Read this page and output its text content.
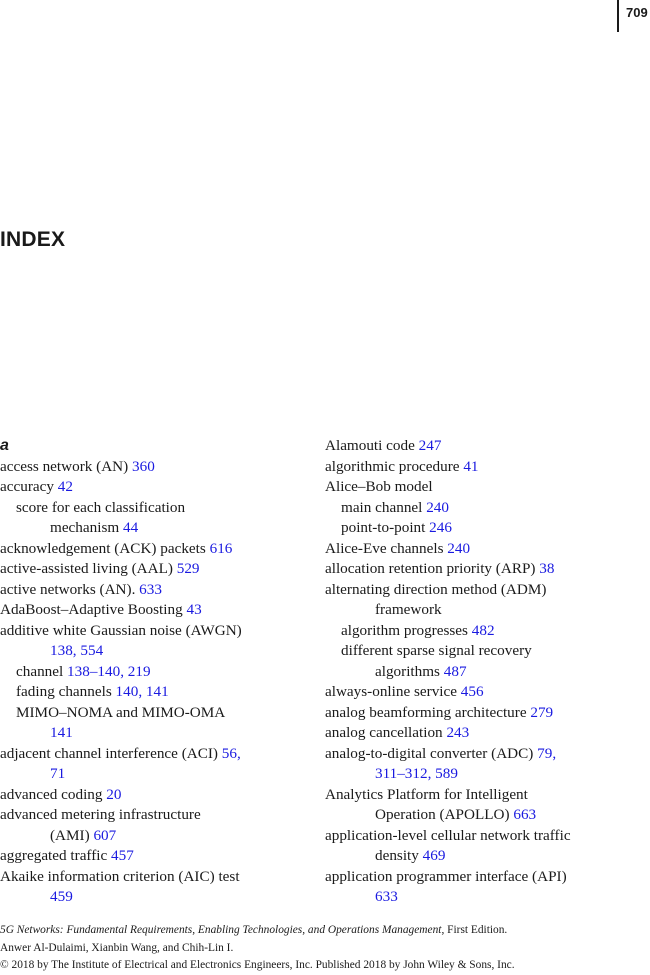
709
INDEX
a
access network (AN) 360
accuracy 42
score for each classification
mechanism 44
acknowledgement (ACK) packets 616
active-assisted living (AAL) 529
active networks (AN). 633
AdaBoost–Adaptive Boosting 43
additive white Gaussian noise (AWGN)
138, 554
channel 138–140, 219
fading channels 140, 141
MIMO–NOMA and MIMO-OMA
141
adjacent channel interference (ACI) 56,
71
advanced coding 20
advanced metering infrastructure
(AMI) 607
aggregated traffic 457
Akaike information criterion (AIC) test
459
Alamouti code 247
algorithmic procedure 41
Alice–Bob model
main channel 240
point-to-point 246
Alice-Eve channels 240
allocation retention priority (ARP) 38
alternating direction method (ADM)
framework
algorithm progresses 482
different sparse signal recovery
algorithms 487
always-online service 456
analog beamforming architecture 279
analog cancellation 243
analog-to-digital converter (ADC) 79,
311–312, 589
Analytics Platform for Intelligent
Operation (APOLLO) 663
application-level cellular network traffic
density 469
application programmer interface (API)
633
5G Networks: Fundamental Requirements, Enabling Technologies, and Operations Management, First Edition.
Anwer Al-Dulaimi, Xianbin Wang, and Chih-Lin I.
© 2018 by The Institute of Electrical and Electronics Engineers, Inc. Published 2018 by John Wiley & Sons, Inc.
